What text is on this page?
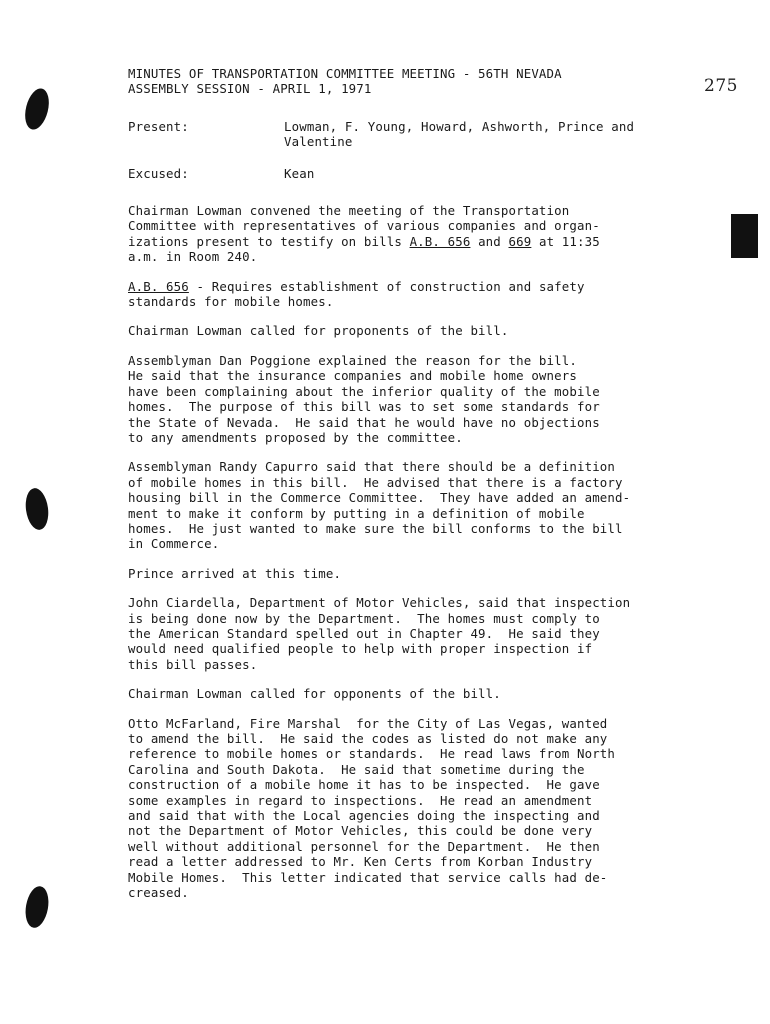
275
MINUTES OF TRANSPORTATION COMMITTEE MEETING - 56TH NEVADA
ASSEMBLY SESSION - APRIL 1, 1971
Present:	Lowman, F. Young, Howard, Ashworth, Prince and Valentine
Excused:	Kean
Chairman Lowman convened the meeting of the Transportation
Committee with representatives of various companies and organ-
izations present to testify on bills A.B. 656 and 669 at 11:35
a.m. in Room 240.
A.B. 656 - Requires establishment of construction and safety
standards for mobile homes.
Chairman Lowman called for proponents of the bill.
Assemblyman Dan Poggione explained the reason for the bill.
He said that the insurance companies and mobile home owners
have been complaining about the inferior quality of the mobile
homes.  The purpose of this bill was to set some standards for
the State of Nevada.  He said that he would have no objections
to any amendments proposed by the committee.
Assemblyman Randy Capurro said that there should be a definition
of mobile homes in this bill.  He advised that there is a factory
housing bill in the Commerce Committee.  They have added an amend-
ment to make it conform by putting in a definition of mobile
homes.  He just wanted to make sure the bill conforms to the bill
in Commerce.
Prince arrived at this time.
John Ciardella, Department of Motor Vehicles, said that inspection
is being done now by the Department.  The homes must comply to
the American Standard spelled out in Chapter 49.  He said they
would need qualified people to help with proper inspection if
this bill passes.
Chairman Lowman called for opponents of the bill.
Otto McFarland, Fire Marshal  for the City of Las Vegas, wanted
to amend the bill.  He said the codes as listed do not make any
reference to mobile homes or standards.  He read laws from North
Carolina and South Dakota.  He said that sometime during the
construction of a mobile home it has to be inspected.  He gave
some examples in regard to inspections.  He read an amendment
and said that with the Local agencies doing the inspecting and
not the Department of Motor Vehicles, this could be done very
well without additional personnel for the Department.  He then
read a letter addressed to Mr. Ken Certs from Korban Industry
Mobile Homes.  This letter indicated that service calls had de-
creased.
